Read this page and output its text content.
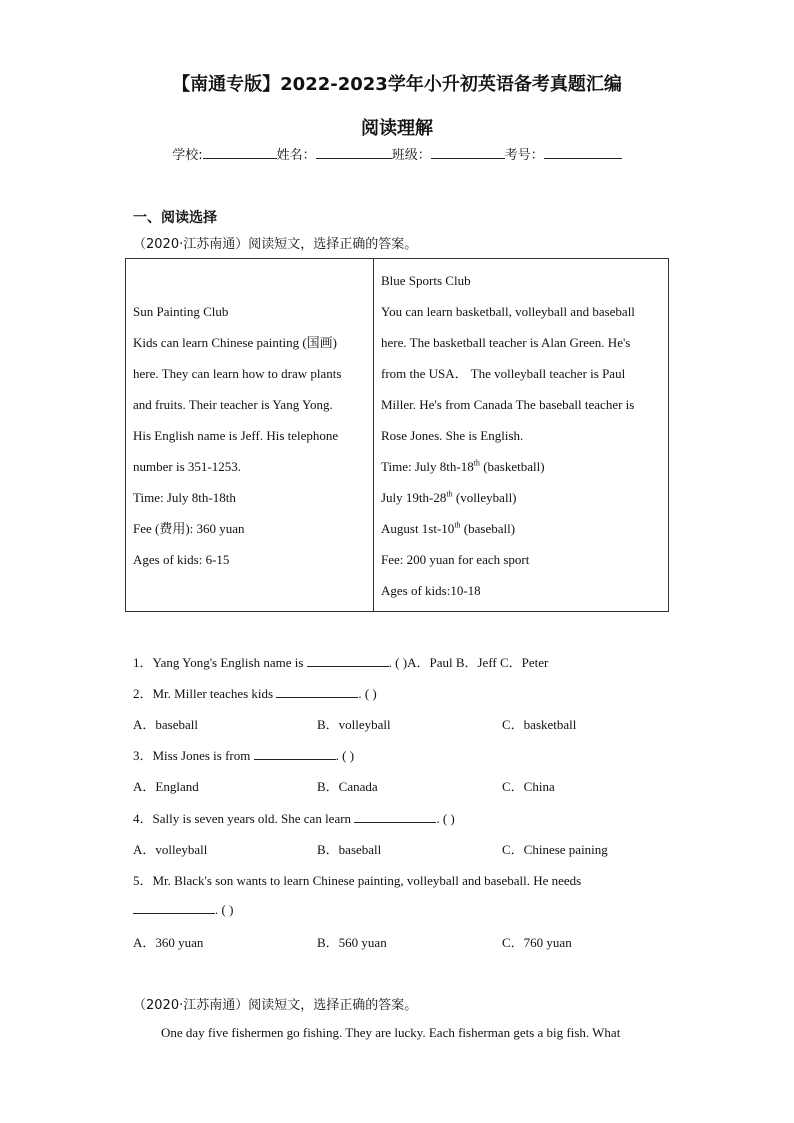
【南通专版】2022-2023学年小升初英语备考真题汇编
阅读理解
学校:	姓名：	班级：	考号：
一、阅读选择
（2020·江苏南通）阅读短文，选择正确的答案。
Sun Painting Club
Kids can learn Chinese painting (国画)
here. They can learn how to draw plants
and fruits. Their teacher is Yang Yong.
His English name is Jeff. His telephone
number is 351-1253.
Time: July 8th-18th
Fee (费用): 360 yuan
Ages of kids: 6-15

Blue Sports Club
You can learn basketball, volleyball and baseball
here. The basketball teacher is Alan Green. He's
from the USA． The volleyball teacher is Paul
Miller. He's from Canada The baseball teacher is
Rose Jones. She is English.
Time: July 8th-18th (basketball)
July 19th-28th (volleyball)
August 1st-10th (baseball)
Fee: 200 yuan for each sport
Ages of kids:10-18
1．Yang Yong's English name is	. ( )A．Paul B．Jeff C．Peter
2．Mr. Miller teaches kids	. ( )
A．baseball	B．volleyball	C．basketball
3．Miss Jones is from	. ( )
A．England	B．Canada	C．China
4．Sally is seven years old. She can learn	. ( )
A．volleyball	B．baseball	C．Chinese paining
5．Mr. Black's son wants to learn Chinese painting, volleyball and baseball. He needs
. ( )
A．360 yuan	B．560 yuan	C．760 yuan
（2020·江苏南通）阅读短文，选择正确的答案。
One day five fishermen go fishing. They are lucky. Each fisherman gets a big fish. What
